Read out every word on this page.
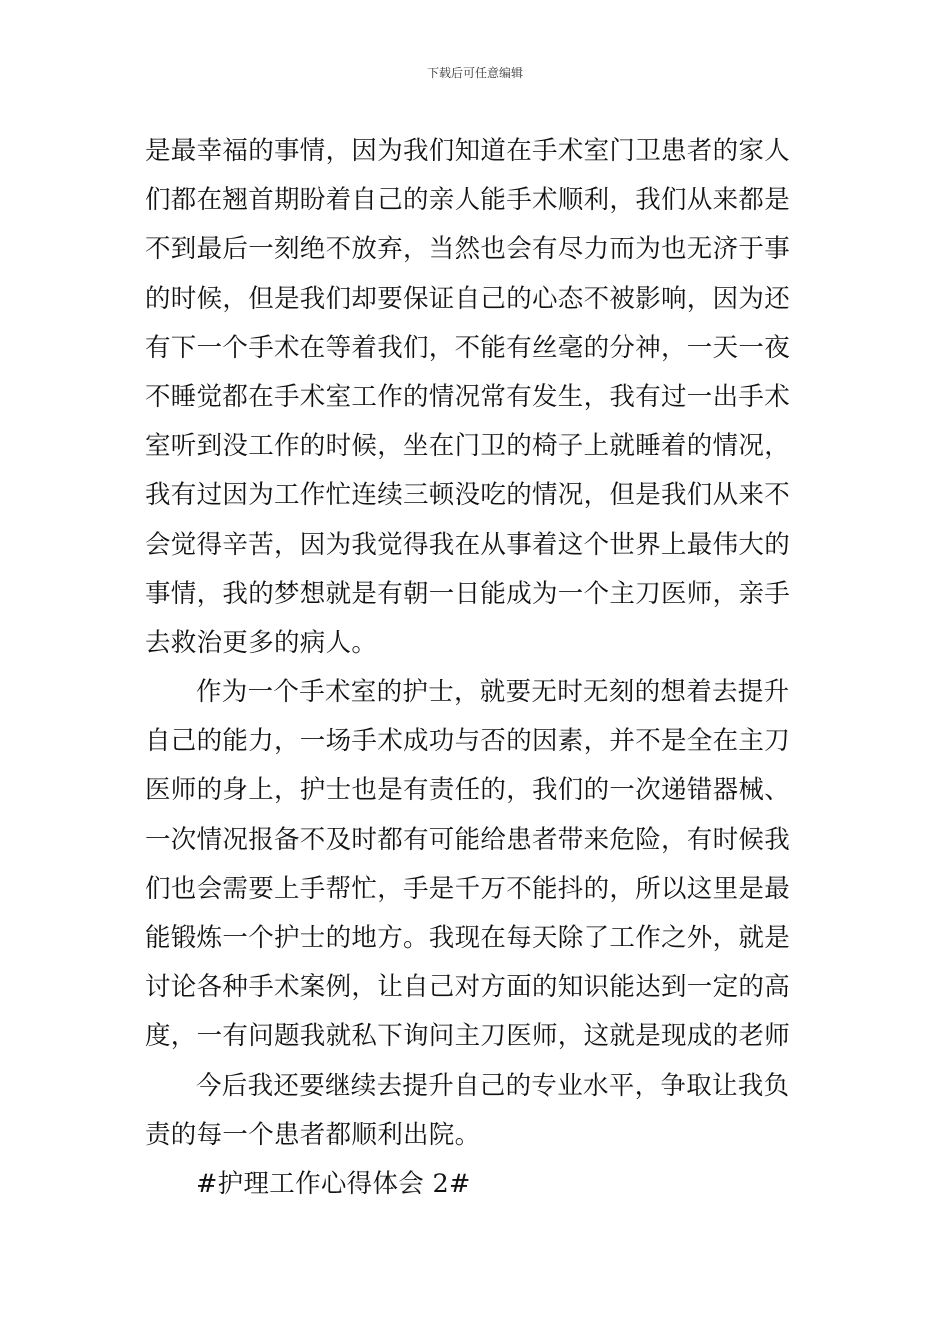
下载后可任意编辑
是最幸福的事情，因为我们知道在手术室门卫患者的家人
们都在翘首期盼着自己的亲人能手术顺利，我们从来都是
不到最后一刻绝不放弃，当然也会有尽力而为也无济于事
的时候，但是我们却要保证自己的心态不被影响，因为还
有下一个手术在等着我们，不能有丝毫的分神，一天一夜
不睡觉都在手术室工作的情况常有发生，我有过一出手术
室听到没工作的时候，坐在门卫的椅子上就睡着的情况，
我有过因为工作忙连续三顿没吃的情况，但是我们从来不
会觉得辛苦，因为我觉得我在从事着这个世界上最伟大的
事情，我的梦想就是有朝一日能成为一个主刀医师，亲手
去救治更多的病人。
作为一个手术室的护士，就要无时无刻的想着去提升
自己的能力，一场手术成功与否的因素，并不是全在主刀
医师的身上，护士也是有责任的，我们的一次递错器械、
一次情况报备不及时都有可能给患者带来危险，有时候我
们也会需要上手帮忙，手是千万不能抖的，所以这里是最
能锻炼一个护士的地方。我现在每天除了工作之外，就是
讨论各种手术案例，让自己对方面的知识能达到一定的高
度，一有问题我就私下询问主刀医师，这就是现成的老师
今后我还要继续去提升自己的专业水平，争取让我负
责的每一个患者都顺利出院。
#护理工作心得体会 2#
